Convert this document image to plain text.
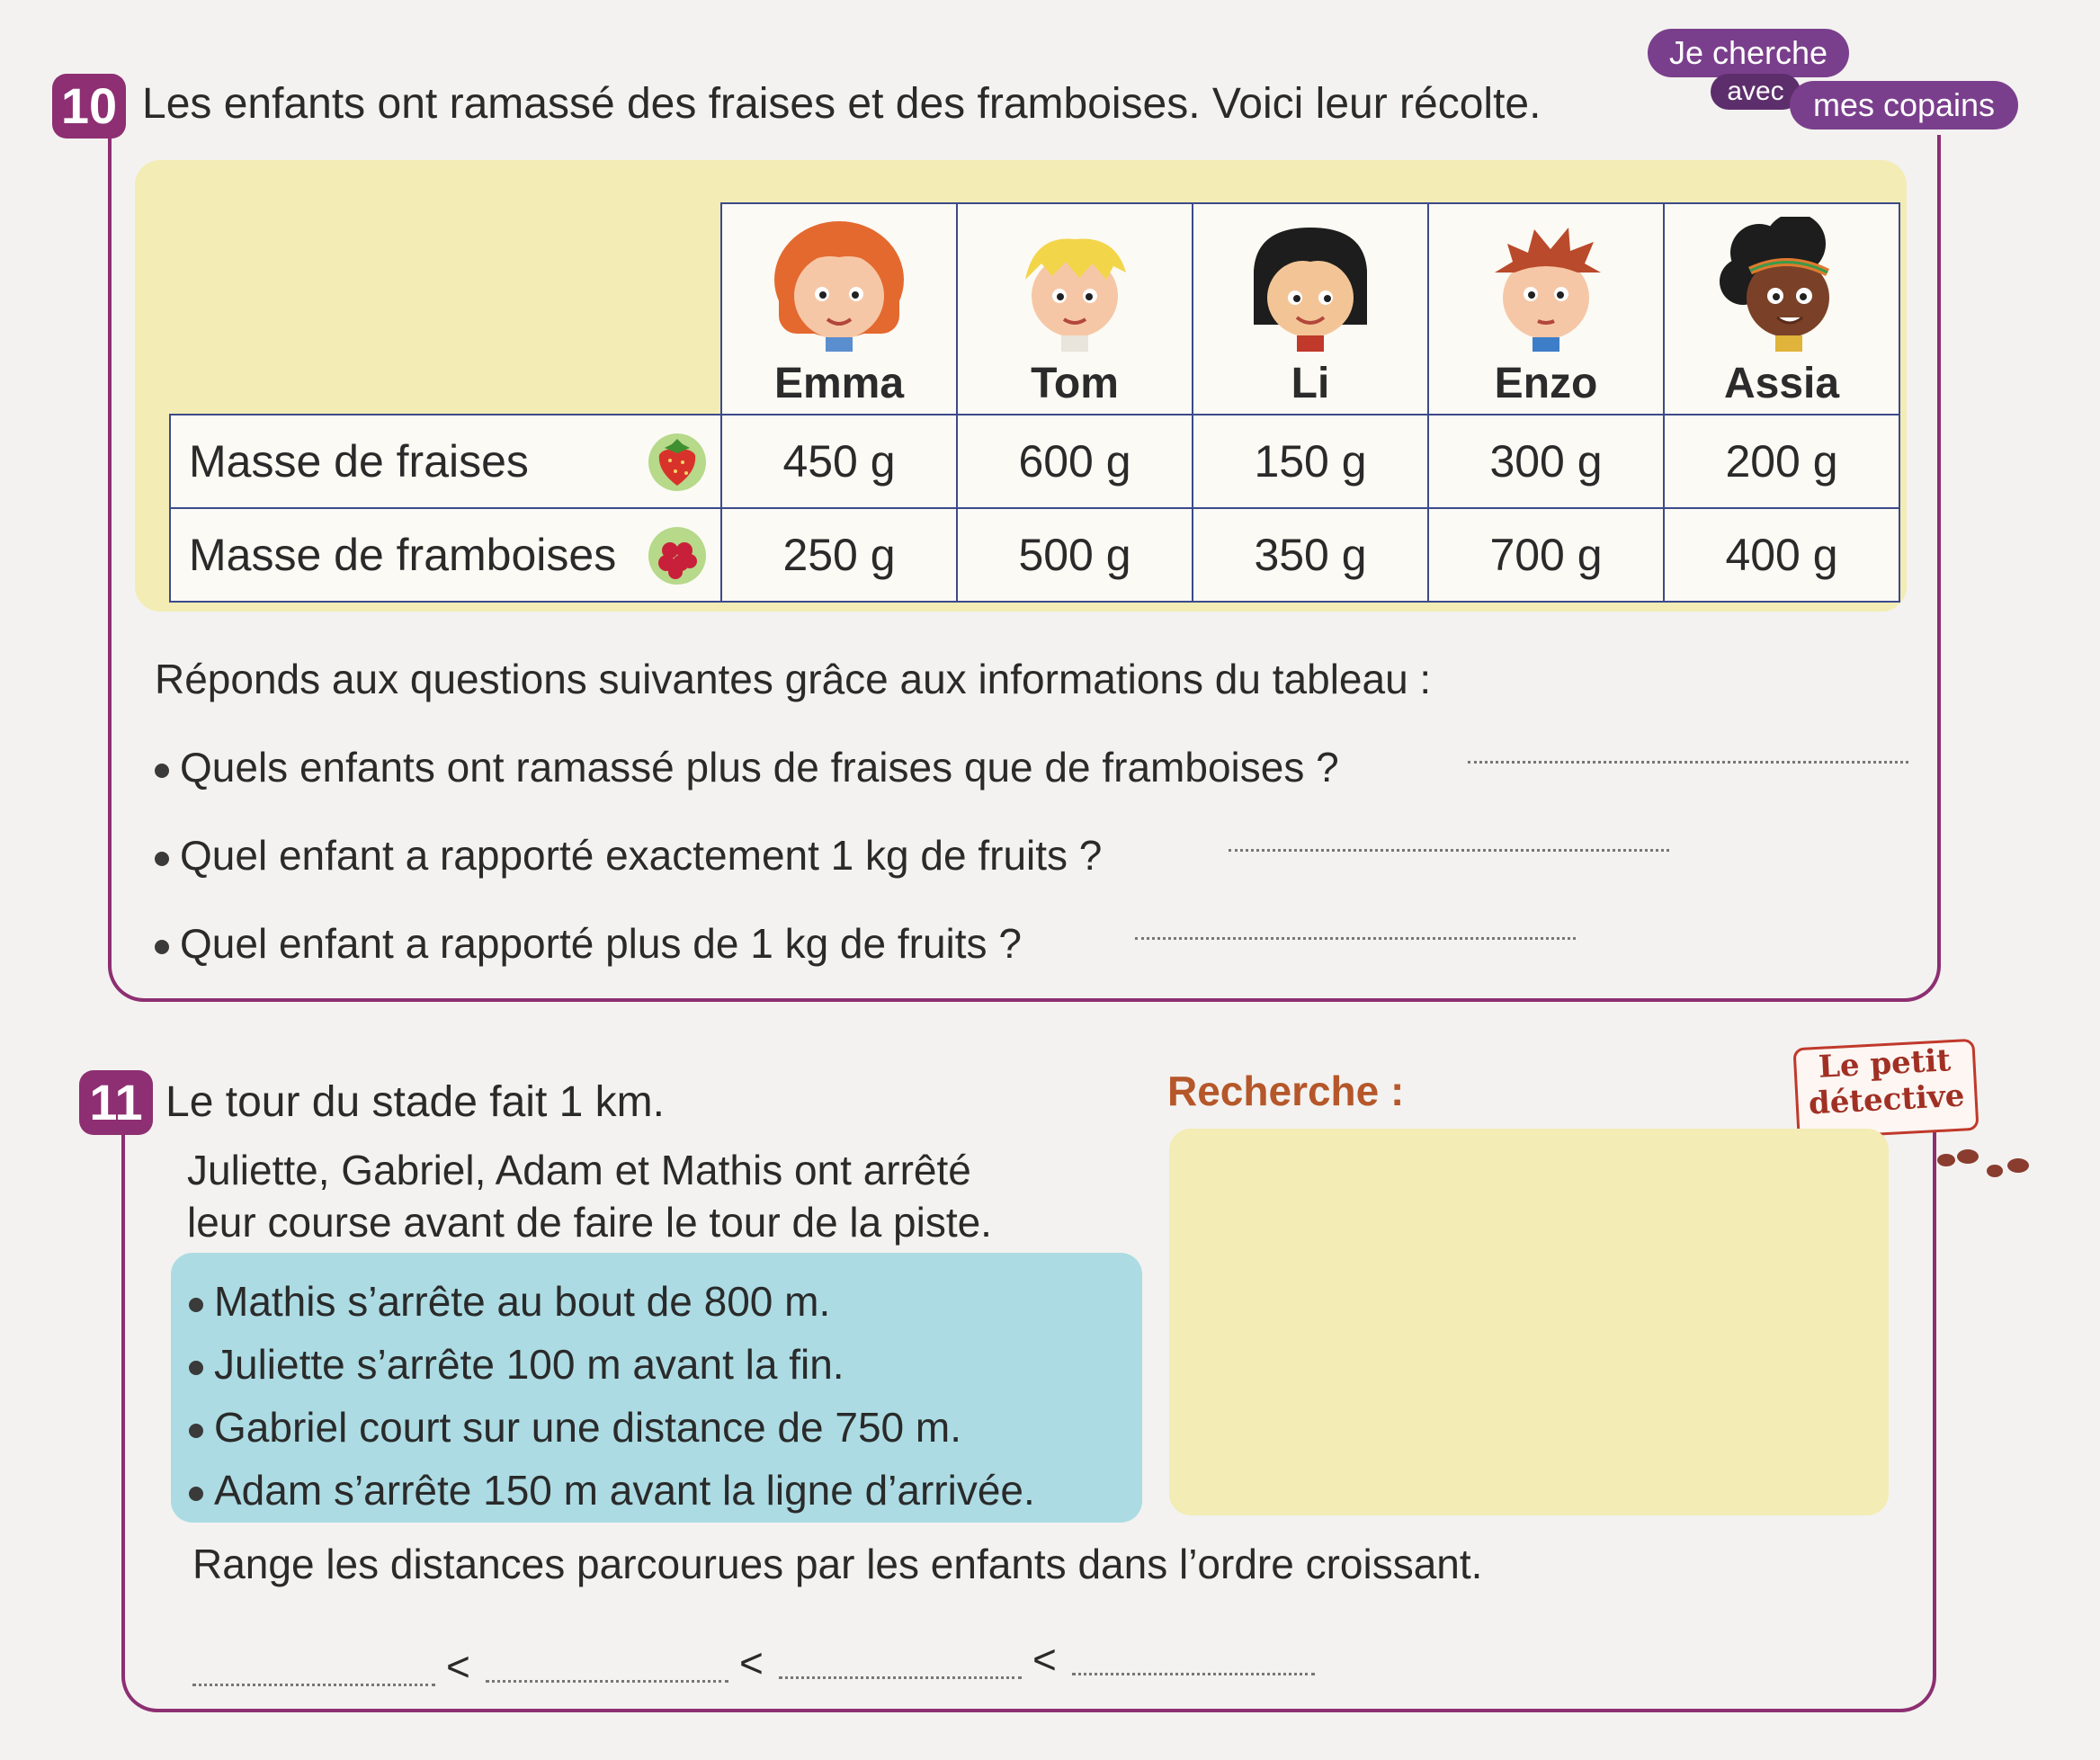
10 Les enfants ont ramassé des fraises et des framboises. Voici leur récolte.
Je cherche
avec mes copains

	Emma	Tom	Li	Enzo	Assia

Masse de fraises	450 g	600 g	150 g	300 g	200 g
Masse de framboises	250 g	500 g	350 g	700 g	400 g
Réponds aux questions suivantes grâce aux informations du tableau :
Quels enfants ont ramassé plus de fraises que de framboises ?
Quel enfant a rapporté exactement 1 kg de fruits ?
Quel enfant a rapporté plus de 1 kg de fruits ?
11 Le tour du stade fait 1 km.	Recherche :
Le petit
détective
Juliette, Gabriel, Adam et Mathis ont arrêté
leur course avant de faire le tour de la piste.
Mathis s’arrête au bout de 800 m.
Juliette s’arrête 100 m avant la fin.
Gabriel court sur une distance de 750 m.
Adam s’arrête 150 m avant la ligne d’arrivée.
Range les distances parcourues par les enfants dans l’ordre croissant.
<	<	<
